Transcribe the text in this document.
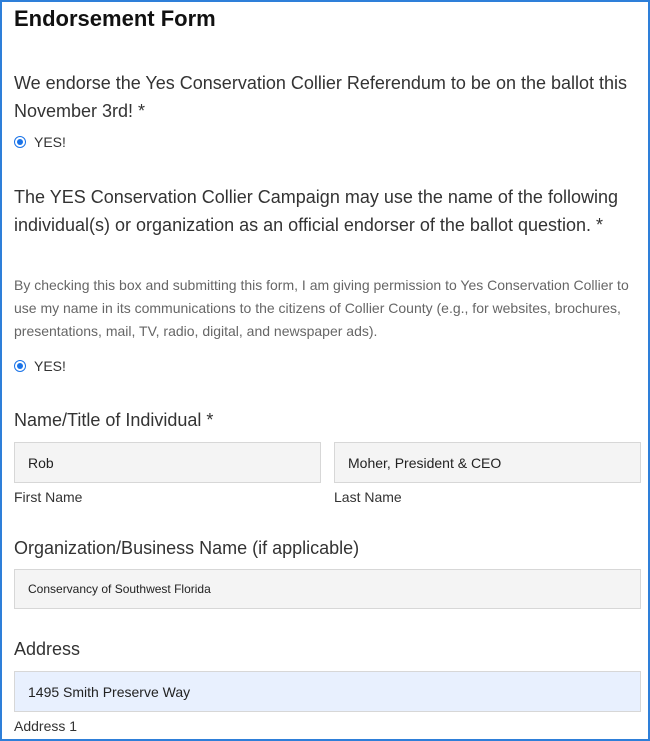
Endorsement Form
We endorse the Yes Conservation Collier Referendum to be on the ballot this November 3rd! *
YES!
The YES Conservation Collier Campaign may use the name of the following individual(s) or organization as an official endorser of the ballot question. *
By checking this box and submitting this form, I am giving permission to Yes Conservation Collier to use my name in its communications to the citizens of Collier County (e.g., for websites, brochures, presentations, mail, TV, radio, digital, and newspaper ads).
YES!
Name/Title of Individual *
Rob
First Name
Moher, President & CEO
Last Name
Organization/Business Name (if applicable)
Conservancy of Southwest Florida
Address
1495 Smith Preserve Way
Address 1
